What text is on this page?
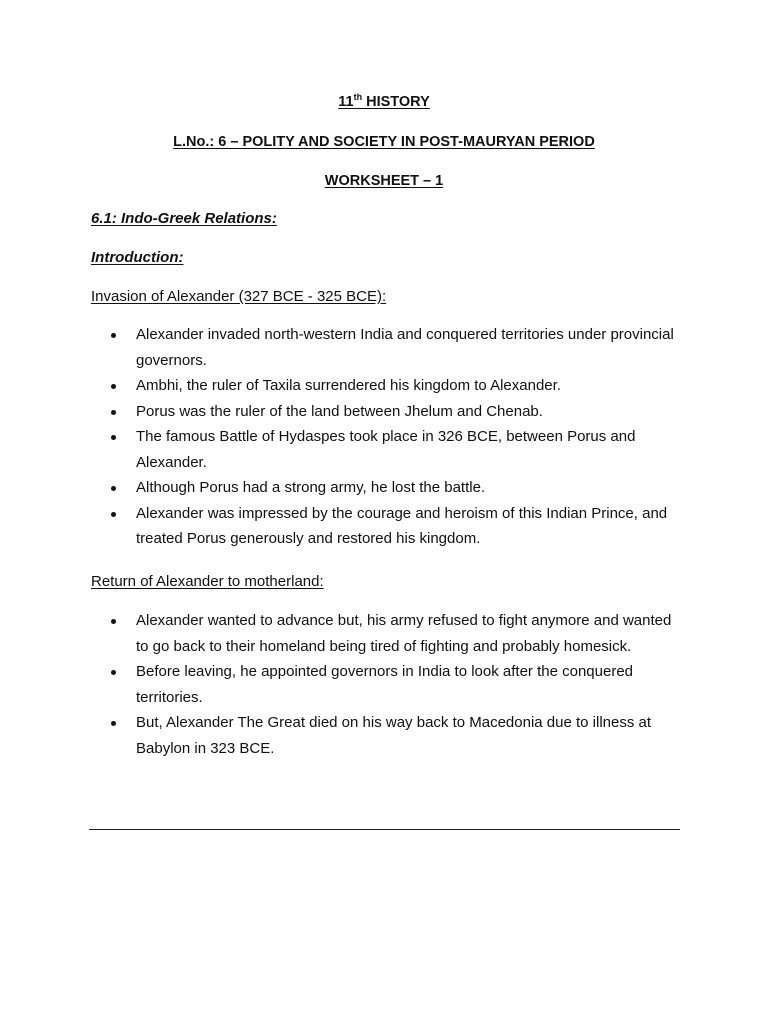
11th HISTORY
L.No.: 6 – POLITY AND SOCIETY IN POST-MAURYAN PERIOD
WORKSHEET – 1
6.1: Indo-Greek Relations:
Introduction:
Invasion of Alexander (327 BCE - 325 BCE):
Alexander invaded north-western India and conquered territories under provincial governors.
Ambhi, the ruler of Taxila surrendered his kingdom to Alexander.
Porus was the ruler of the land between Jhelum and Chenab.
The famous Battle of Hydaspes took place in 326 BCE, between Porus and Alexander.
Although Porus had a strong army, he lost the battle.
Alexander was impressed by the courage and heroism of this Indian Prince, and treated Porus generously and restored his kingdom.
Return of Alexander to motherland:
Alexander wanted to advance but, his army refused to fight anymore and wanted to go back to their homeland being tired of fighting and probably homesick.
Before leaving, he appointed governors in India to look after the conquered territories.
But, Alexander The Great died on his way back to Macedonia due to illness at Babylon in 323 BCE.
